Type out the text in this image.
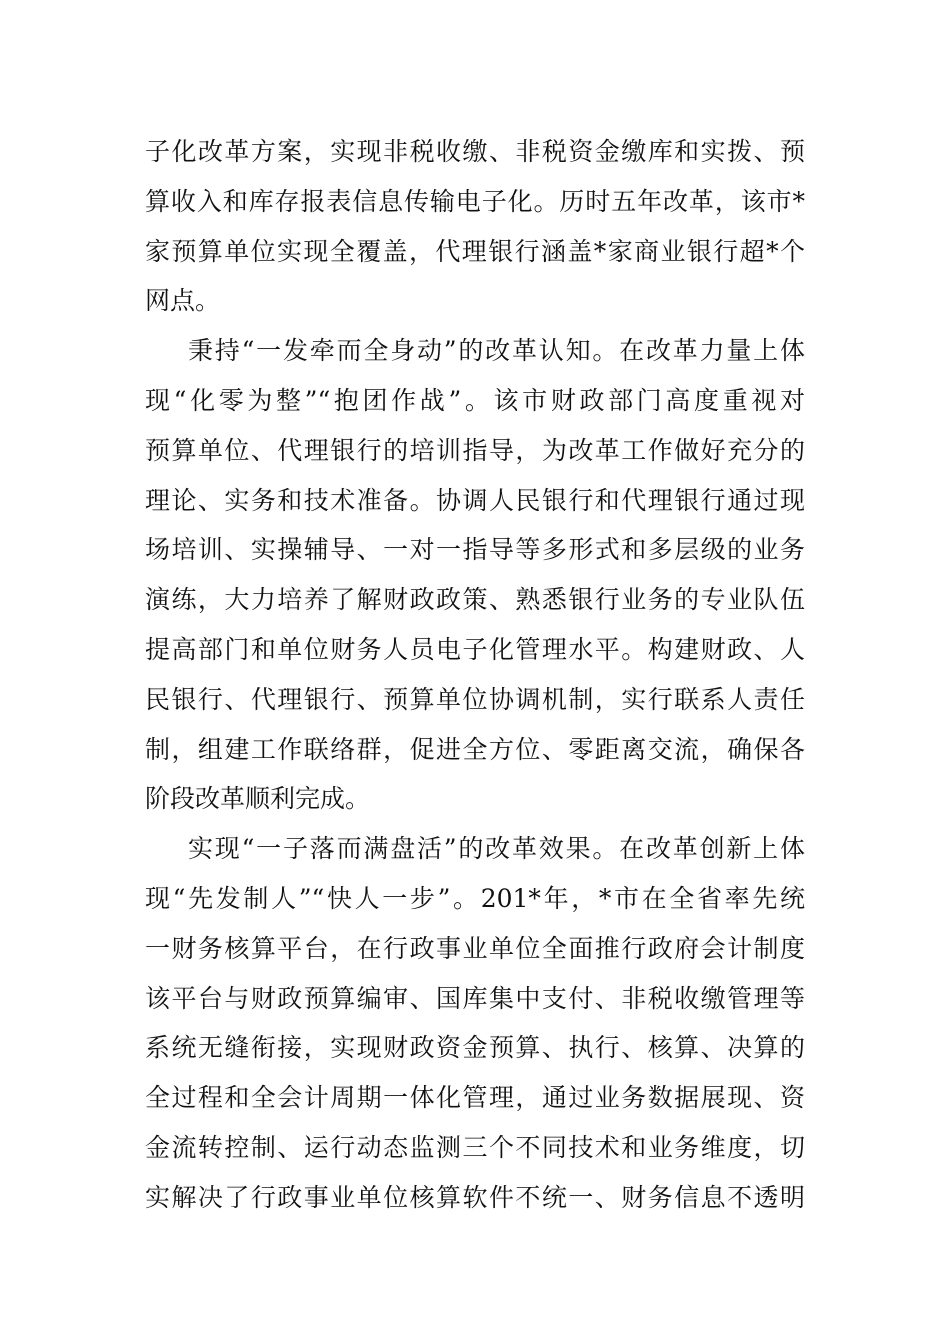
子化改革方案，实现非税收缴、非税资金缴库和实拨、预
算收入和库存报表信息传输电子化。历时五年改革，该市*
家预算单位实现全覆盖，代理银行涵盖*家商业银行超*个
网点。
秉持“一发牵而全身动”的改革认知。在改革力量上体
现“化零为整”“抱团作战”。该市财政部门高度重视对
预算单位、代理银行的培训指导，为改革工作做好充分的
理论、实务和技术准备。协调人民银行和代理银行通过现
场培训、实操辅导、一对一指导等多形式和多层级的业务
演练，大力培养了解财政政策、熟悉银行业务的专业队伍
提高部门和单位财务人员电子化管理水平。构建财政、人
民银行、代理银行、预算单位协调机制，实行联系人责任
制，组建工作联络群，促进全方位、零距离交流，确保各
阶段改革顺利完成。
实现“一子落而满盘活”的改革效果。在改革创新上体
现“先发制人”“快人一步”。201*年，*市在全省率先统
一财务核算平台，在行政事业单位全面推行政府会计制度
该平台与财政预算编审、国库集中支付、非税收缴管理等
系统无缝衔接，实现财政资金预算、执行、核算、决算的
全过程和全会计周期一体化管理，通过业务数据展现、资
金流转控制、运行动态监测三个不同技术和业务维度，切
实解决了行政事业单位核算软件不统一、财务信息不透明
